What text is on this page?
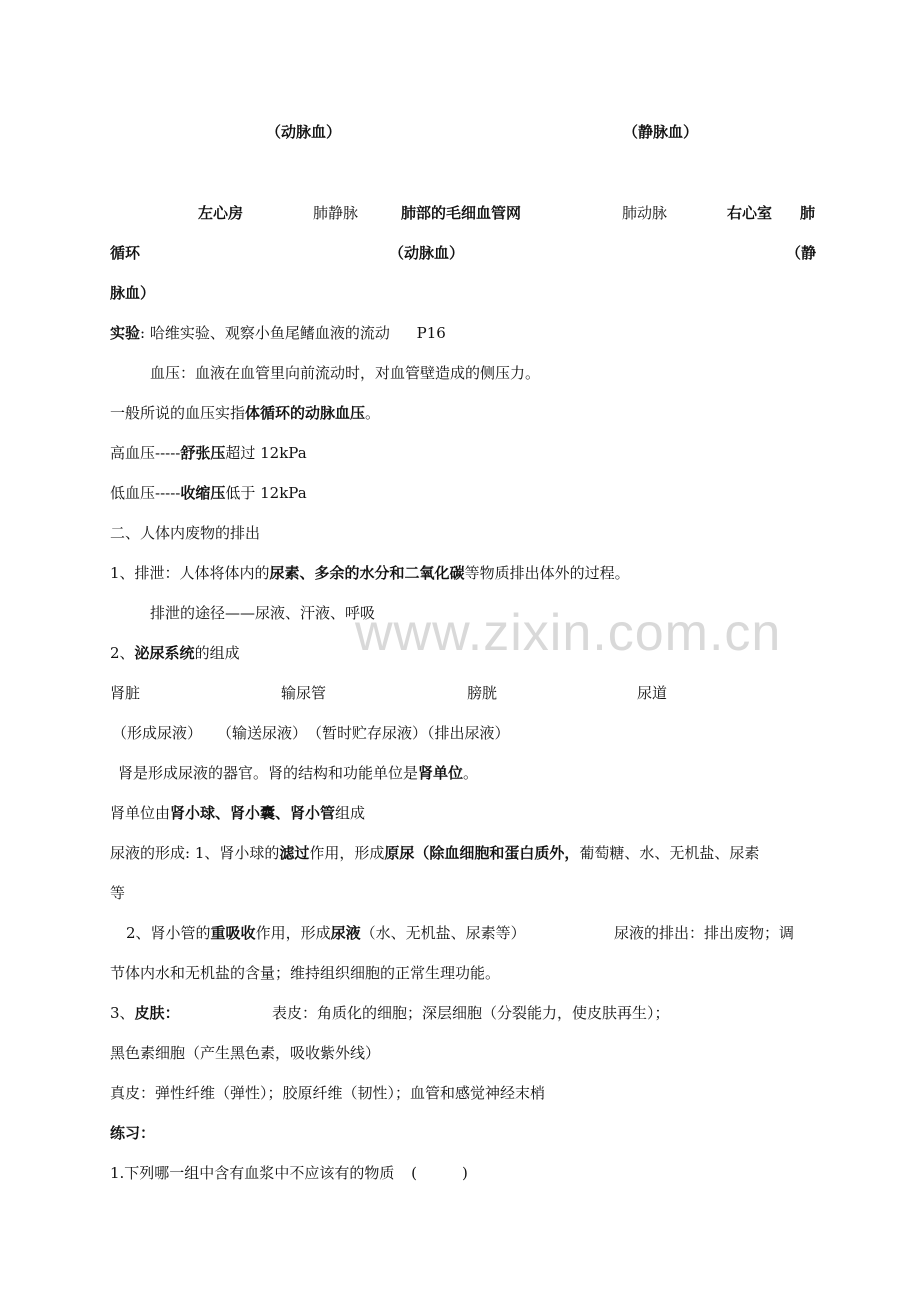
www.zixin.com.cn
（动脉血）	（静脉血）
左心房	肺静脉	肺部的毛细血管网	肺动脉	右心室 肺
循环	（动脉血）	（静
脉血）
实验: 哈维实验、观察小鱼尾鳍血液的流动 P16
血压：血液在血管里向前流动时，对血管壁造成的侧压力。
一般所说的血压实指体循环的动脉血压。
高血压-----舒张压超过 12kPa
低血压-----收缩压低于 12kPa
二、人体内废物的排出
1、排泄：人体将体内的尿素、多余的水分和二氧化碳等物质排出体外的过程。
排泄的途径——尿液、汗液、呼吸
2、泌尿系统的组成
肾脏	输尿管	膀胱	尿道
（形成尿液）　　（输送尿液）　（暂时贮存尿液）（排出尿液）
肾是形成尿液的器官。肾的结构和功能单位是肾单位。
肾单位由肾小球、肾小囊、肾小管组成
尿液的形成: 1、肾小球的滤过作用，形成原尿（除血细胞和蛋白质外，葡萄糖、水、无机盐、尿素
等
2、肾小管的重吸收作用，形成尿液（水、无机盐、尿素等）	尿液的排出：排出废物；调
节体内水和无机盐的含量；维持组织细胞的正常生理功能。
3、皮肤：	表皮：角质化的细胞；深层细胞（分裂能力，使皮肤再生）；
黑色素细胞（产生黑色素，吸收紫外线）
真皮：弹性纤维（弹性）；胶原纤维（韧性）；血管和感觉神经末梢
练习：
1.下列哪一组中含有血浆中不应该有的物质 (　　　)
